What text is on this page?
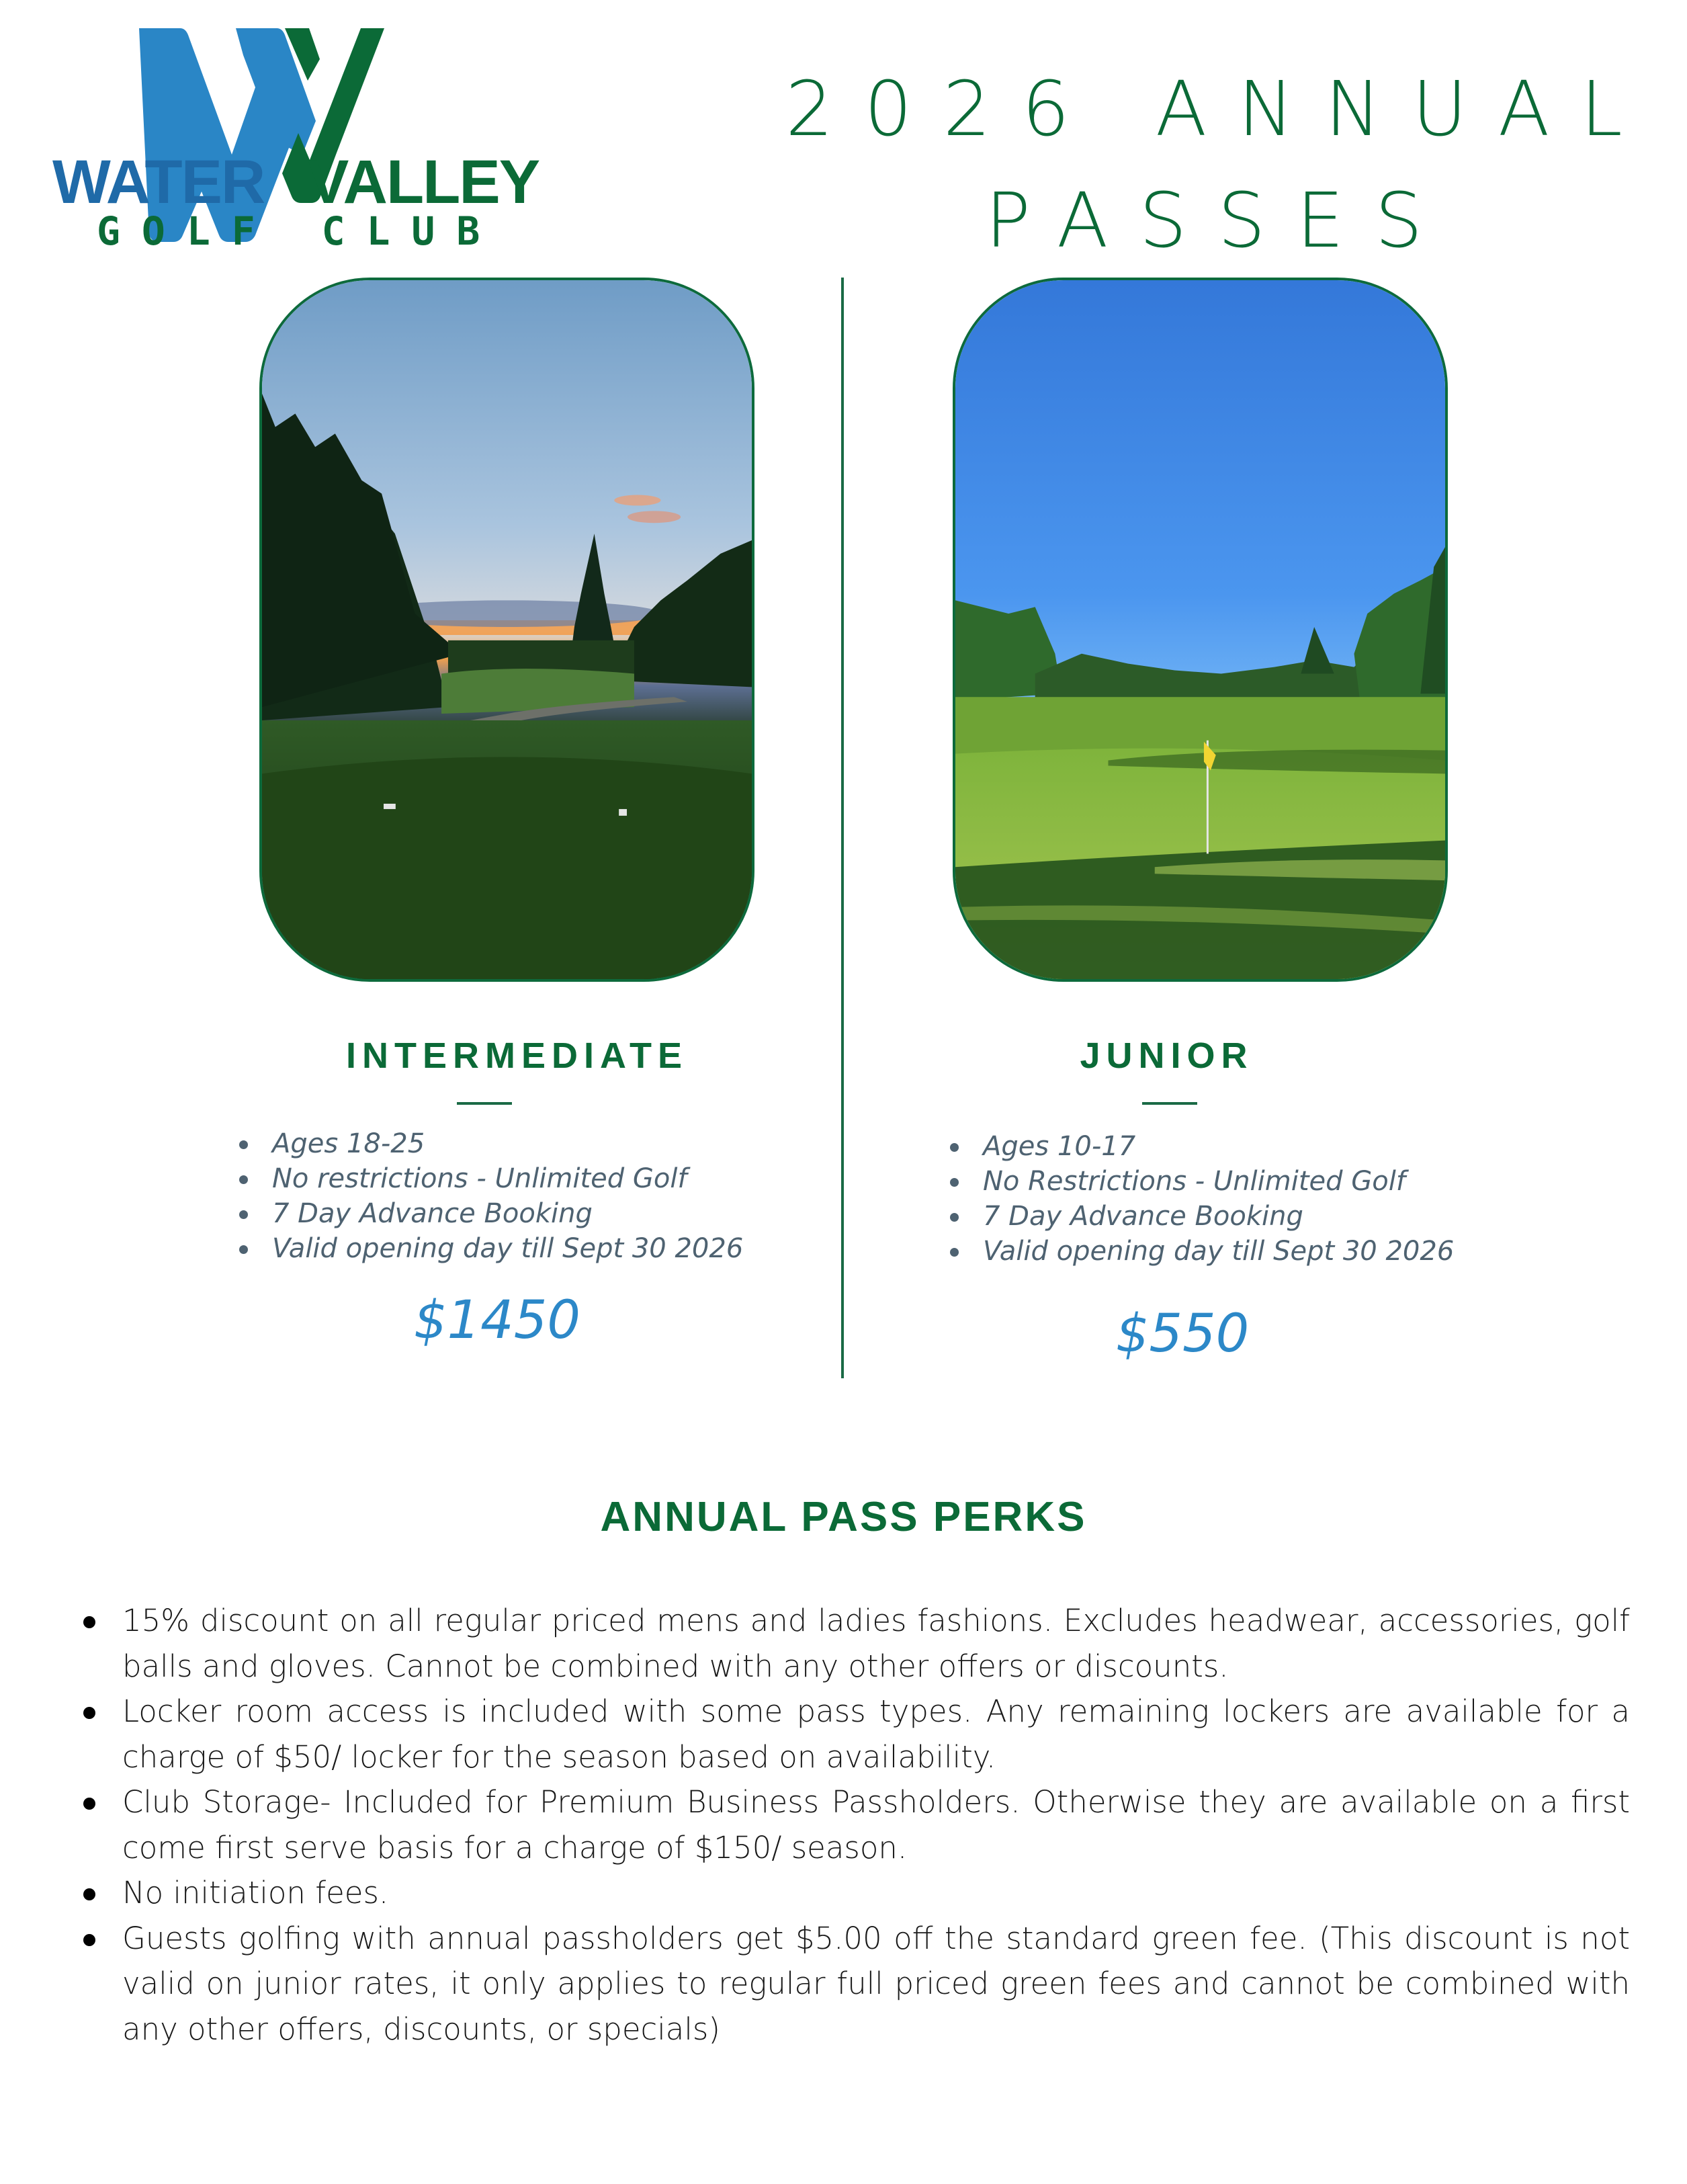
WATER VALLEY
GOLF CLUB
2026 ANNUAL
PASSES
INTERMEDIATE
Ages 18-25
No restrictions - Unlimited Golf
7 Day Advance Booking
Valid opening day till Sept 30 2026
$1450
JUNIOR
Ages 10-17
No Restrictions - Unlimited Golf
7 Day Advance Booking
Valid opening day till Sept 30 2026
$550
ANNUAL PASS PERKS
15% discount on all regular priced mens and ladies fashions. Excludes headwear, accessories, golf balls and gloves. Cannot be combined with any other offers or discounts.
Locker room access is included with some pass types. Any remaining lockers are available for a charge of $50/ locker for the season based on availability.
Club Storage- Included for Premium Business Passholders. Otherwise they are available on a first come first serve basis for a charge of $150/ season.
No initiation fees.
Guests golfing with annual passholders get $5.00 off the standard green fee. (This discount is not valid on junior rates, it only applies to regular full priced green fees and cannot be combined with any other offers, discounts, or specials)
